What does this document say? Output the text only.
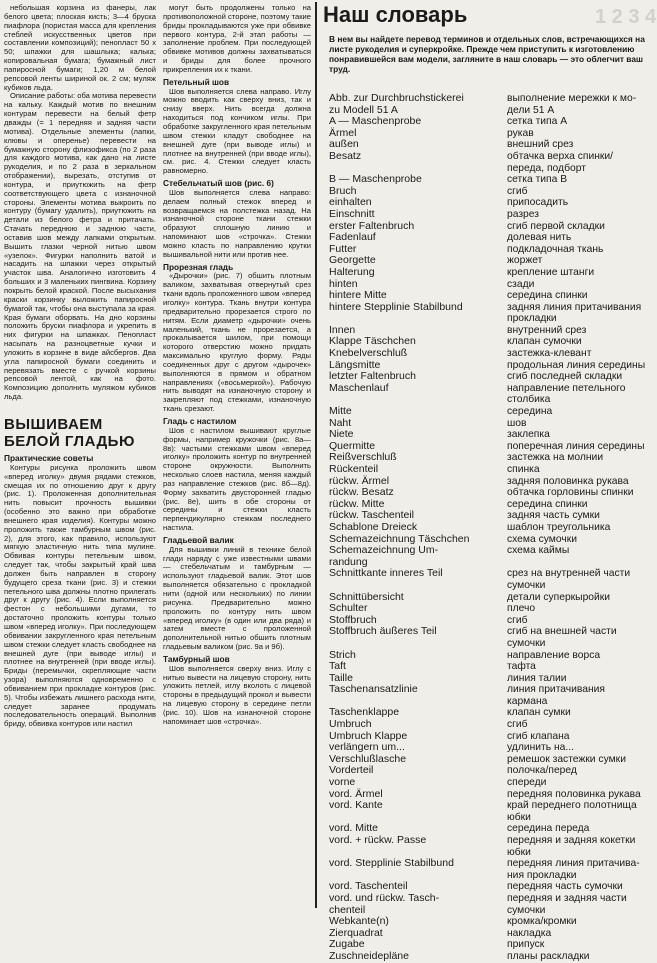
небольшая корзина из фанеры, лак белого цвета; плоская кисть; 3—4 бруска пиафлора (пористая масса для крепления стеблей искусственных цветов при составлении композиций); пенопласт 50 х 50; шпажки для шашлыка; калька; копировальная бумага; бумажный лист папиросной бумаги; 1,20 м белой репсовой ленты шириной ок. 2 см; муляж кубиков льда.

Описание работы: оба мотива перевести на кальку. Каждый мотив по внешним контурам перевести на белый фетр дважды (= 1 передняя и задняя части мотива). Отдельные элементы (лапки, клювы и оперенье) перевести на бумажную сторону флизофикса (по 2 раза для каждого мотива, как дано на листе рукоделия, и по 2 раза в зеркальном отображении), вырезать, отступив от контура, и приутюжить на фетр соответствующего цвета с изнаночной стороны. Элементы мотива выкроить по контуру (бумагу удалить), приутюжить на детали из белого фетра и притачать. Стачать переднюю и заднюю части, оставив шов между лапками открытым. Вышить глазки черной нитью швом «узелок». Фигурки наполнить ватой и насадить на шпажки через открытый участок шва. Аналогично изготовить 4 больших и 3 маленьких пингвина. Корзину покрыть белой краской. После высыхания краски корзинку выложить папиросной бумагой так, чтобы она выступала за края. Края бумаги оборвать. На дно корзины положить бруски пиафлора и укрепить в них фигурки на шпажках. Пенопласт насыпать на разноцветные кучки и уложить в корзине в виде айсбергов. Два угла папиросной бумаги соединить и перевязать вместе с ручкой корзины репсовой лентой, как на фото. Композицию дополнить муляжом кубиков льда.

ВЫШИВАЕМ БЕЛОЙ ГЛАДЬЮ
Практические советы

Контуры рисунка проложить швом «вперед иголку» двумя рядами стежков, смещая их по отношению друг к другу (рис. 1). Проложенная дополнительная нить повысит прочность вышивки (особенно это важно при обработке внешнего края изделия). Контуры можно проложить также тамбурным швом (рис. 2), для этого, как правило, используют мягкую эластичную нить типа мулине. Обвивая контуры петельным швом, следует так, чтобы закрытый край шва должен быть направлен в сторону будущего среза ткани (рис. 3) и стежки петельного шва должны плотно прилегать друг к другу (рис. 4). Если выполняется фестон с небольшими дугами, то достаточно проложить контуры только швом «вперед иголку». При последующем обвивании закругленного края петельным швом стежки следует класть свободнее на внешней дуге (при выводе иглы) и плотнее на внутренней (при вводе иглы). Бриды (перемычки, скрепляющие части узора) выполняются одновременно с обвиванием при прокладке контуров (рис. 5). Чтобы избежать лишнего расхода нити, следует заранее продумать последовательность операций. Выполнив бриду, обвивка контуров или настил

могут быть продолжены только на противоположной стороне, поэтому такие бриды прокладываются уже при обвивке первого контура, 2-й этап работы — заполнение проблем. При последующей обвивке мотивов должны захватываться и бриды для более прочного прикрепления их к ткани.

Петельный шов

Шов выполняется слева направо. Иглу можно вводить как сверху вниз, так и снизу вверх. Нить всегда должна находиться под кончиком иглы. При обработке закругленного края петельным швом стежки кладут свободнее на внешней дуге (при выводе иглы) и плотнее на внутренней (при вводе иглы), см. рис. 4. Стежки следует класть равномерно.

Стебельчатый шов (рис. 6)

Шов выполняется слева направо: делаем полный стежок вперед и возвращаемся на полстежка назад. На изнаночной стороне ткани стежки образуют сплошную линию и напоминают шов «строчка». Стежки можно класть по направлению крутки вышивальной нити или против нее.

Прорезная гладь

«Дырочки» (рис. 7) обшить плотным валиком, захватывая отвернутый срез ткани вдоль проложенного швом «вперед иголку» контура. Ткань внутри контура предварительно прорезается строго по нитям. Если диаметр «дырочки» очень маленький, ткань не прорезается, а прокалывается шилом, при помощи которого отверстию можно придать максимально круглую форму. Ряды соединенных друг с другом «дырочек» выполняются в прямом и обратном направлениях («восьмеркой»). Рабочую нить выводят на изнаночную сторону и закрепляют под стежками, изнаночную ткань срезают.

Гладь с настилом

Шов с настилом вышивают круглые формы, например кружочки (рис. 8а—8в): частыми стежками швом «вперед иголку» проложить контур по внутренней стороне окружности. Выполнить несколько слоев настила, меняя каждый раз направление стежков (рис. 8б—8д). Форму захватить двусторонней гладью (рис. 8е), шить в обе стороны от середины и стежки класть перпендикулярно стежкам последнего настила.

Гладьевой валик

Для вышивки линий в технике белой глади наряду с уже известными швами — стебельчатым и тамбурным — используют гладьевой валик. Этот шов выполняется обязательно с прокладкой нити (одной или нескольких) по линии рисунка. Предварительно можно проложить по контуру нить швом «вперед иголку» (в один или два ряда) и затем вместе с проложенной дополнительной нитью обшить плотным гладьевым валиком (рис. 9а и 9б).

Тамбурный шов

Шов выполняется сверху вниз. Иглу с нитью вывести на лицевую сторону, нить уложить петлей, иглу вколоть с лицевой стороны в предыдущий прокол и вывести на лицевую сторону в середине петли (рис. 10). Шов на изнаночной стороне напоминает шов «строчка».

Наш словарь
В нем вы найдете перевод терминов и отдельных слов, встречающихся на листе рукоделия и суперкройке. Прежде чем приступить к изготовлению понравившейся вам модели, загляните в наш словарь — это облегчит ваш труд.
1 2 3 4
Abb. zur Durchbruchstickerei	выполнение мережки к мо-
zu Modell 51 A	дели 51 А
A — Maschenprobe	сетка типа А
Ärmel	рукав
außen	внешний срез
Besatz	обтачка верха спинки/
переда, подборт
B — Maschenprobe	сетка типа В
Bruch	сгиб
einhalten	припосадить
Einschnitt	разрез
erster Faltenbruch	сгиб первой складки
Fadenlauf	долевая нить
Futter	подкладочная ткань
Georgette	жоржет
Halterung	крепление штанги
hinten	сзади
hintere Mitte	середина спинки
hintere Stepplinie Stabilbund	задняя линия притачивания
прокладки
Innen	внутренний срез
Klappe Täschchen	клапан сумочки
Knebelverschluß	застежка-клевант
Längsmitte	продольная линия середины
letzter Faltenbruch	сгиб последней складки
Maschenlauf	направление петельного
столбика
Mitte	середина
Naht	шов
Niete	заклепка
Quermitte	поперечная линия середины
Reißverschluß	застежка на молнии
Rückenteil	спинка
rückw. Ärmel	задняя половинка рукава
rückw. Besatz	обтачка горловины спинки
rückw. Mitte	середина спинки
rückw. Taschenteil	задняя часть сумки
Schablone Dreieck	шаблон треугольника
Schemazeichnung Täschchen	схема сумочки
Schemazeichnung Um-	схема каймы
randung
Schnittkante inneres Teil	срез на внутренней части
сумочки
Schnittübersicht	детали суперкыройки
Schulter	плечо
Stoffbruch	сгиб
Stoffbruch äußeres Teil	сгиб на внешней части
сумочки
Strich	направление ворса
Taft	тафта
Taille	линия талии
Taschenansatzlinie	линия притачивания
кармана
Taschenklappe	клапан сумки
Umbruch	сгиб
Umbruch Klappe	сгиб клапана
verlängern um...	удлинить на...
Verschlußlasche	ремешок застежки сумки
Vorderteil	полочка/перед
vorne	спереди
vord. Ärmel	передняя половинка рукава
vord. Kante	край переднего полотнища
юбки
vord. Mitte	середина переда
vord. + rückw. Passe	передняя и задняя кокетки
юбки
vord. Stepplinie Stabilbund	передняя линия притачива-
ния прокладки
vord. Taschenteil	передняя часть сумочки
vord. und rückw. Tasch-	передняя и задняя части
chenteil	сумочки
Webkante(n)	кромка/кромки
Zierquadrat	накладка
Zugabe	припуск
Zuschneidepläne	планы раскладки
